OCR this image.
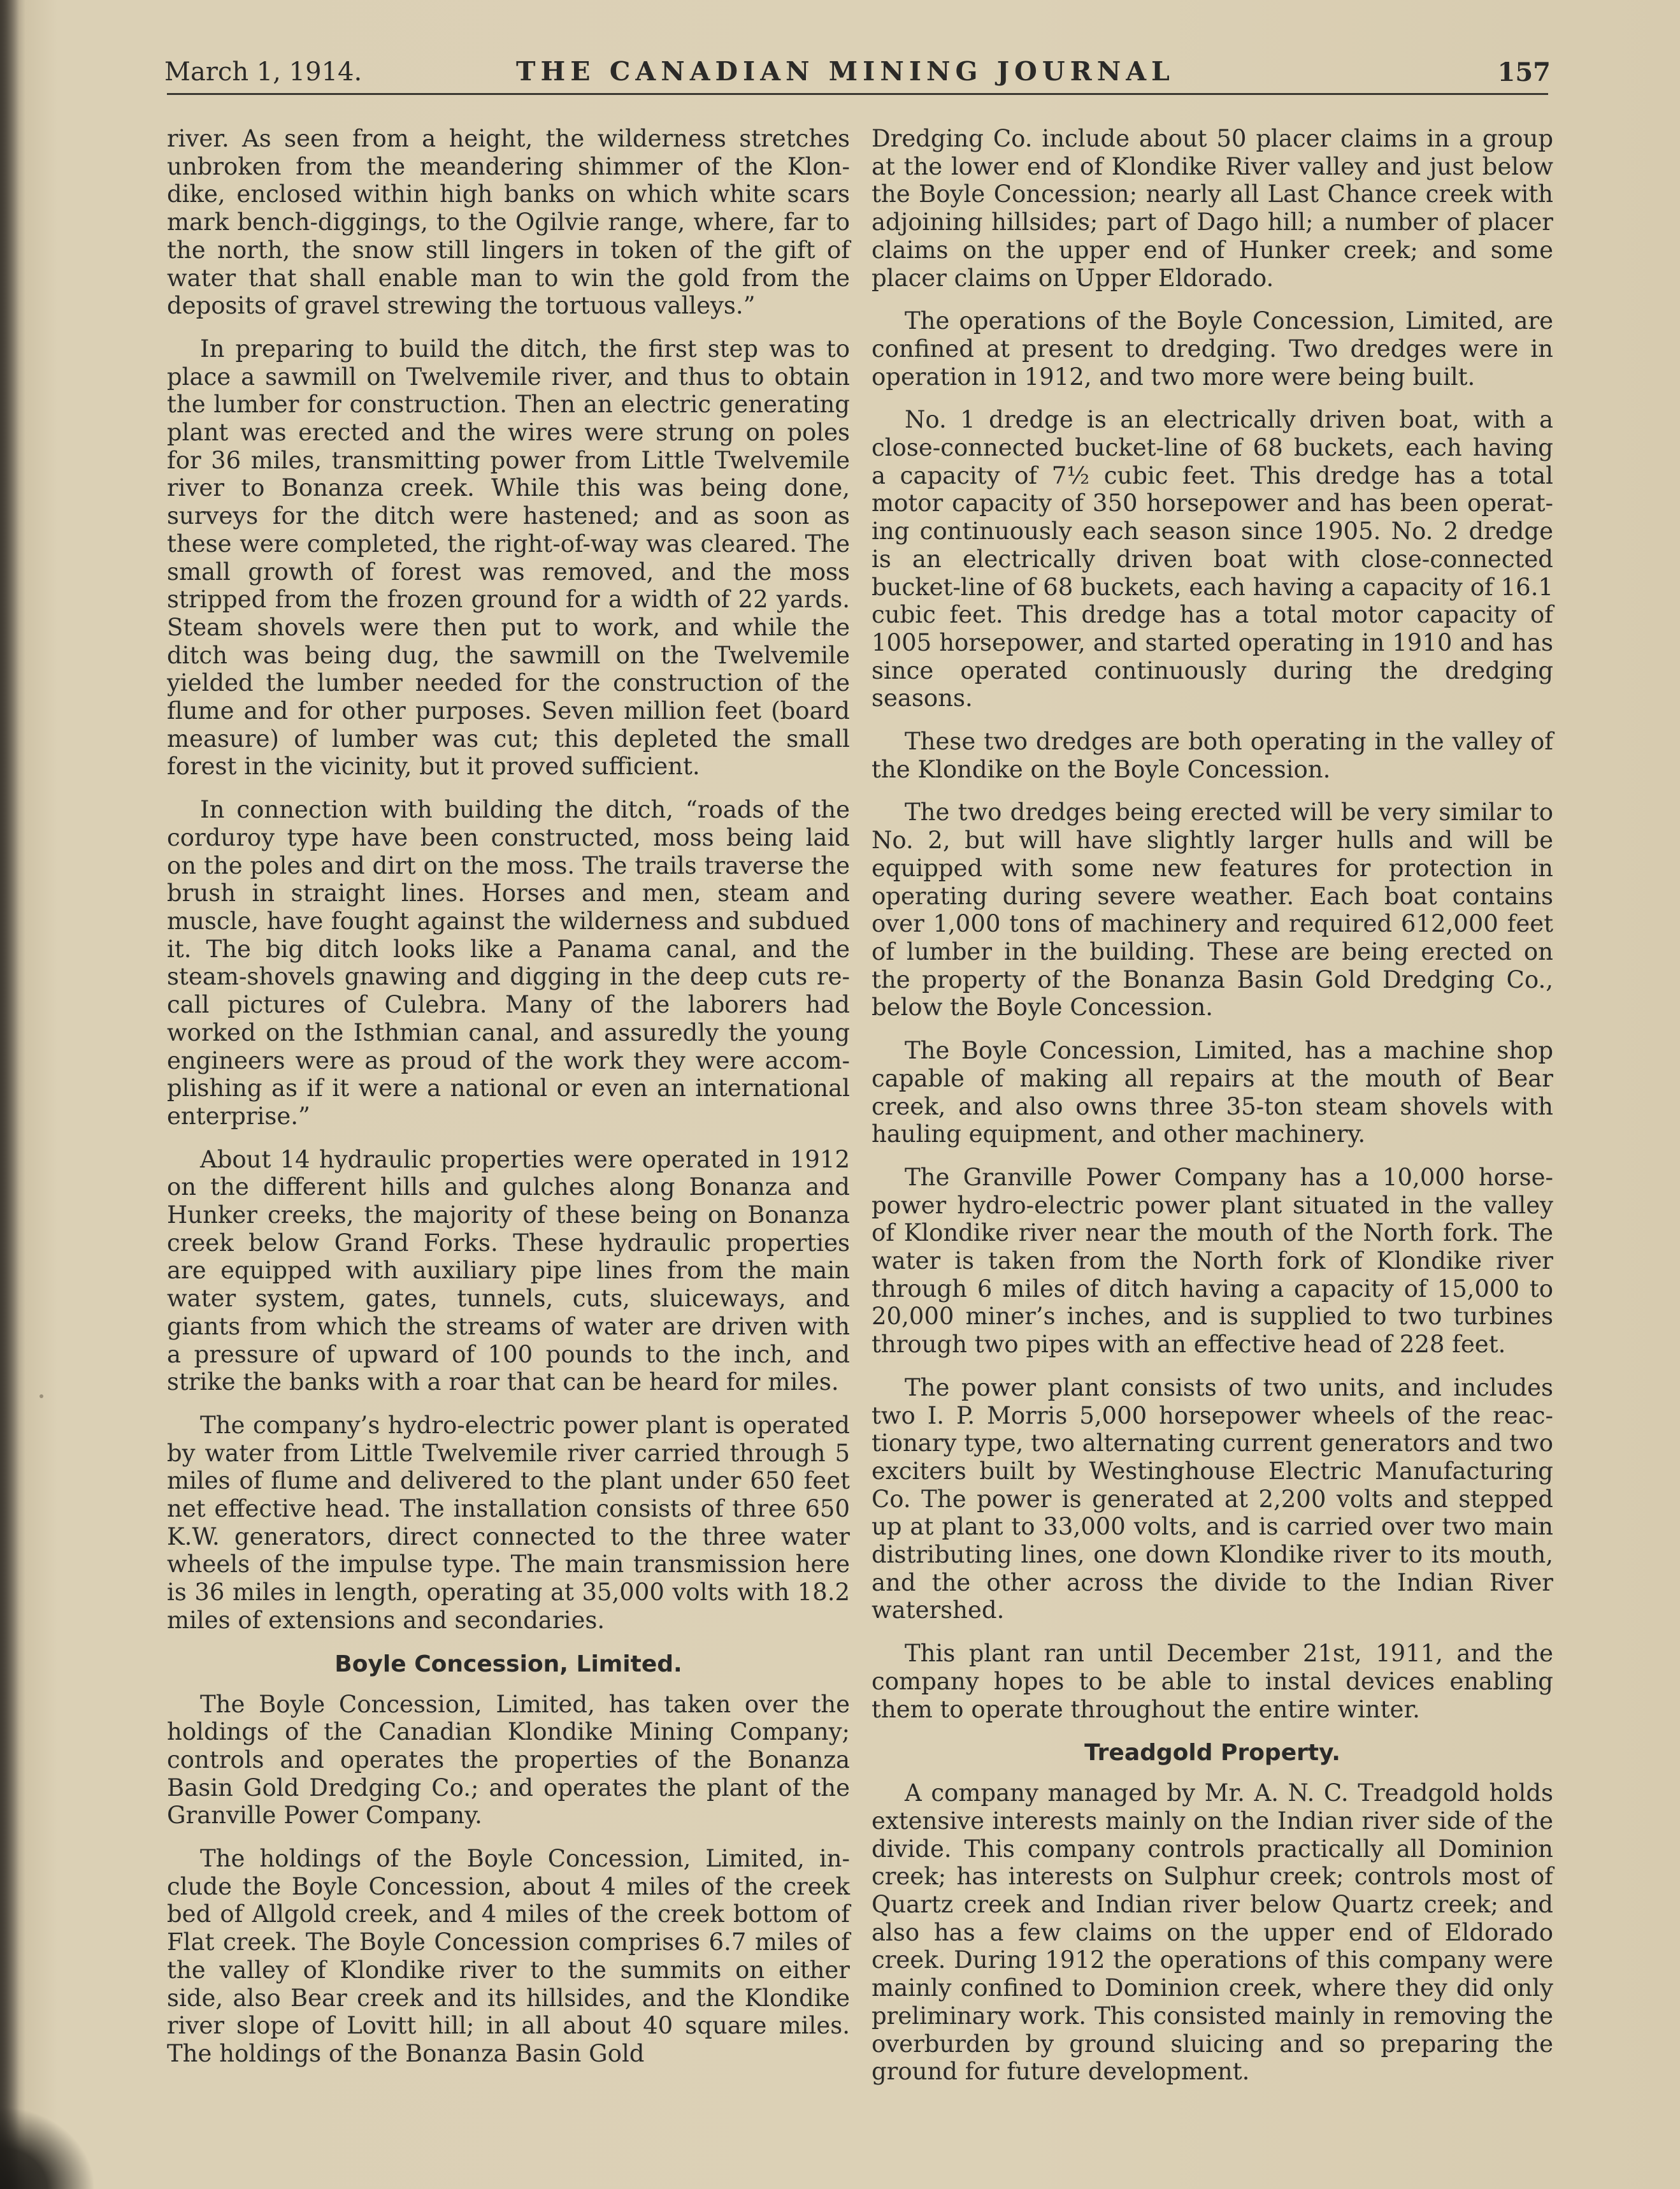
March 1, 1914.	THE CANADIAN MINING JOURNAL	157

river. As seen from a height, the wilderness stretches unbroken from the meandering shimmer of the Klondike, enclosed within high banks on which white scars mark bench-diggings, to the Ogilvie range, where, far to the north, the snow still lingers in token of the gift of water that shall enable man to win the gold from the deposits of gravel strewing the tortuous valleys.”

In preparing to build the ditch, the first step was to place a sawmill on Twelvemile river, and thus to obtain the lumber for construction. Then an electric generating plant was erected and the wires were strung on poles for 36 miles, transmitting power from Little Twelvemile river to Bonanza creek. While this was being done, surveys for the ditch were hastened; and as soon as these were completed, the right-of-way was cleared. The small growth of forest was removed, and the moss stripped from the frozen ground for a width of 22 yards. Steam shovels were then put to work, and while the ditch was being dug, the sawmill on the Twelvemile yielded the lumber needed for the construction of the flume and for other purposes. Seven million feet (board measure) of lumber was cut; this depleted the small forest in the vicinity, but it proved sufficient.

In connection with building the ditch, “roads of the corduroy type have been constructed, moss being laid on the poles and dirt on the moss. The trails traverse the brush in straight lines. Horses and men, steam and muscle, have fought against the wilderness and subdued it. The big ditch looks like a Panama canal, and the steam-shovels gnawing and digging in the deep cuts recall pictures of Culebra. Many of the laborers had worked on the Isthmian canal, and assuredly the young engineers were as proud of the work they were accomplishing as if it were a national or even an international enterprise.”

About 14 hydraulic properties were operated in 1912 on the different hills and gulches along Bonanza and Hunker creeks, the majority of these being on Bonanza creek below Grand Forks. These hydraulic properties are equipped with auxiliary pipe lines from the main water system, gates, tunnels, cuts, sluiceways, and giants from which the streams of water are driven with a pressure of upward of 100 pounds to the inch, and strike the banks with a roar that can be heard for miles.

The company’s hydro-electric power plant is operated by water from Little Twelvemile river carried through 5 miles of flume and delivered to the plant under 650 feet net effective head. The installation consists of three 650 K.W. generators, direct connected to the three water wheels of the impulse type. The main transmission here is 36 miles in length, operating at 35,000 volts with 18.2 miles of extensions and secondaries.

Boyle Concession, Limited.

The Boyle Concession, Limited, has taken over the holdings of the Canadian Klondike Mining Company; controls and operates the properties of the Bonanza Basin Gold Dredging Co.; and operates the plant of the Granville Power Company.

The holdings of the Boyle Concession, Limited, include the Boyle Concession, about 4 miles of the creek bed of Allgold creek, and 4 miles of the creek bottom of Flat creek. The Boyle Concession comprises 6.7 miles of the valley of Klondike river to the summits on either side, also Bear creek and its hillsides, and the Klondike river slope of Lovitt hill; in all about 40 square miles. The holdings of the Bonanza Basin Gold

Dredging Co. include about 50 placer claims in a group at the lower end of Klondike River valley and just below the Boyle Concession; nearly all Last Chance creek with adjoining hillsides; part of Dago hill; a number of placer claims on the upper end of Hunker creek; and some placer claims on Upper Eldorado.

The operations of the Boyle Concession, Limited, are confined at present to dredging. Two dredges were in operation in 1912, and two more were being built.

No. 1 dredge is an electrically driven boat, with a close-connected bucket-line of 68 buckets, each having a capacity of 7½ cubic feet. This dredge has a total motor capacity of 350 horsepower and has been operating continuously each season since 1905. No. 2 dredge is an electrically driven boat with close-connected bucket-line of 68 buckets, each having a capacity of 16.1 cubic feet. This dredge has a total motor capacity of 1005 horsepower, and started operating in 1910 and has since operated continuously during the dredging seasons.

These two dredges are both operating in the valley of the Klondike on the Boyle Concession.

The two dredges being erected will be very similar to No. 2, but will have slightly larger hulls and will be equipped with some new features for protection in operating during severe weather. Each boat contains over 1,000 tons of machinery and required 612,000 feet of lumber in the building. These are being erected on the property of the Bonanza Basin Gold Dredging Co., below the Boyle Concession.

The Boyle Concession, Limited, has a machine shop capable of making all repairs at the mouth of Bear creek, and also owns three 35-ton steam shovels with hauling equipment, and other machinery.

The Granville Power Company has a 10,000 horsepower hydro-electric power plant situated in the valley of Klondike river near the mouth of the North fork. The water is taken from the North fork of Klondike river through 6 miles of ditch having a capacity of 15,000 to 20,000 miner’s inches, and is supplied to two turbines through two pipes with an effective head of 228 feet.

The power plant consists of two units, and includes two I. P. Morris 5,000 horsepower wheels of the reactionary type, two alternating current generators and two exciters built by Westinghouse Electric Manufacturing Co. The power is generated at 2,200 volts and stepped up at plant to 33,000 volts, and is carried over two main distributing lines, one down Klondike river to its mouth, and the other across the divide to the Indian River watershed.

This plant ran until December 21st, 1911, and the company hopes to be able to instal devices enabling them to operate throughout the entire winter.

Treadgold Property.

A company managed by Mr. A. N. C. Treadgold holds extensive interests mainly on the Indian river side of the divide. This company controls practically all Dominion creek; has interests on Sulphur creek; controls most of Quartz creek and Indian river below Quartz creek; and also has a few claims on the upper end of Eldorado creek. During 1912 the operations of this company were mainly confined to Dominion creek, where they did only preliminary work. This consisted mainly in removing the overburden by ground sluicing and so preparing the ground for future development.
